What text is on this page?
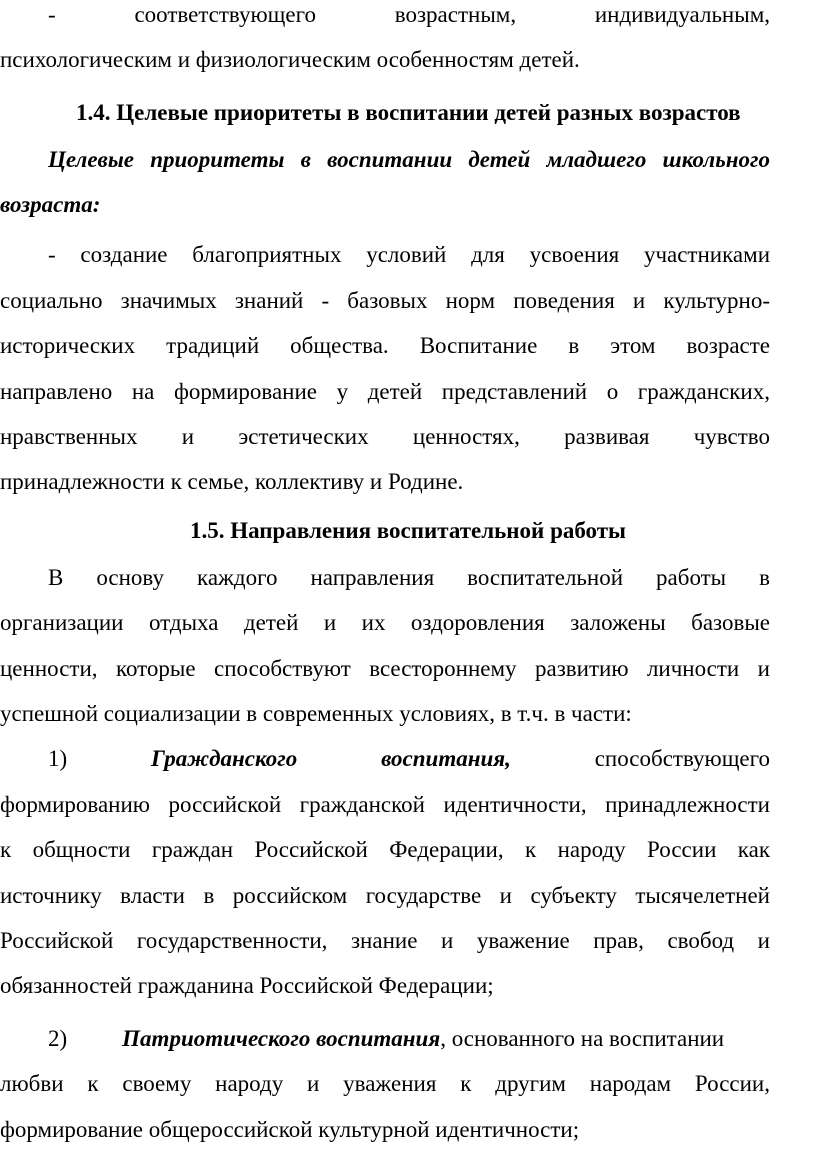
- соответствующего возрастным, индивидуальным,
психологическим и физиологическим особенностям детей.
1.4. Целевые приоритеты в воспитании детей разных возрастов
Целевые приоритеты в воспитании детей младшего школьного
возраста:
- создание благоприятных условий для усвоения участниками
социально значимых знаний - базовых норм поведения и культурно-
исторических традиций общества. Воспитание в этом возрасте
направлено на формирование у детей представлений о гражданских,
нравственных и эстетических ценностях, развивая чувство
принадлежности к семье, коллективу и Родине.
1.5. Направления воспитательной работы
В основу каждого направления воспитательной работы в
организации отдыха детей и их оздоровления заложены базовые
ценности, которые способствуют всестороннему развитию личности и
успешной социализации в современных условиях, в т.ч. в части:
1)	Гражданского	воспитания,	способствующего
формированию российской гражданской идентичности, принадлежности
к общности граждан Российской Федерации, к народу России как
источнику власти в российском государстве и субъекту тысячелетней
Российской государственности, знание и уважение прав, свобод и
обязанностей гражданина Российской Федерации;
2) Патриотического воспитания, основанного на воспитании
любви к своему народу и уважения к другим народам России,
формирование общероссийской культурной идентичности;
